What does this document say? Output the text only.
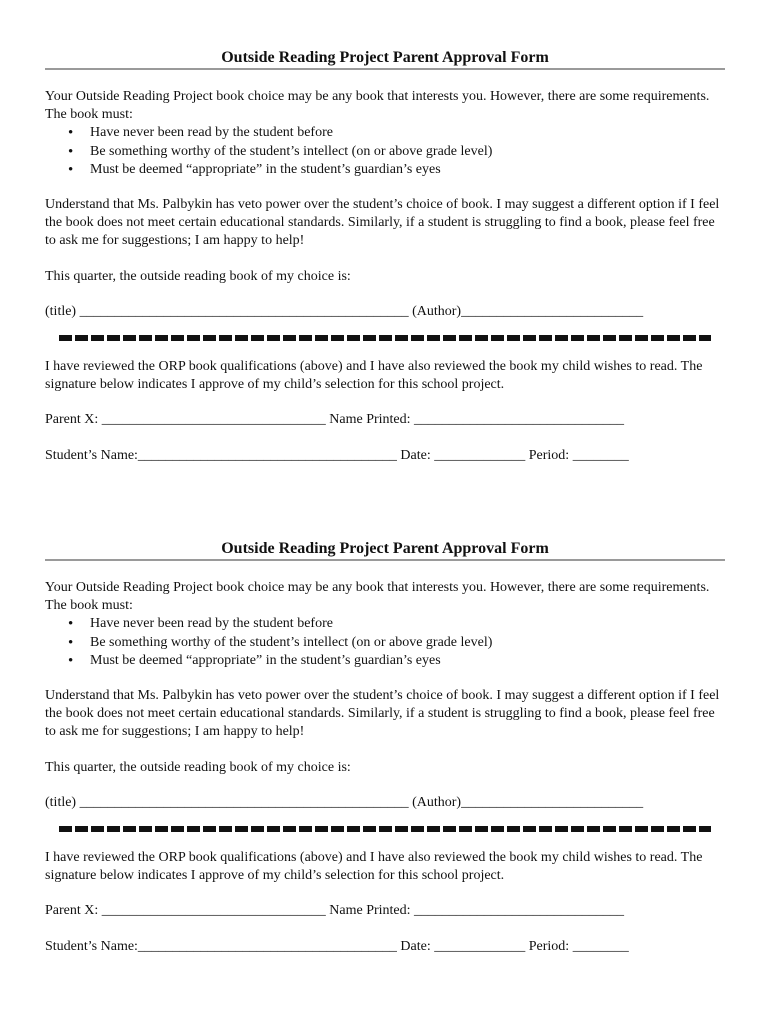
Outside Reading Project Parent Approval Form

Your Outside Reading Project book choice may be any book that interests you. However, there are some requirements. The book must:

• Have never been read by the student before
• Be something worthy of the student’s intellect (on or above grade level)
• Must be deemed “appropriate” in the student’s guardian’s eyes

Understand that Ms. Palbykin has veto power over the student’s choice of book. I may suggest a different option if I feel the book does not meet certain educational standards. Similarly, if a student is struggling to find a book, please feel free to ask me for suggestions; I am happy to help!

This quarter, the outside reading book of my choice is:

(title) _______________________________________________ (Author)__________________________

I have reviewed the ORP book qualifications (above) and I have also reviewed the book my child wishes to read. The signature below indicates I approve of my child’s selection for this school project.

Parent X: ________________________________ Name Printed: ______________________________

Student’s Name:_____________________________________ Date: _____________ Period: ________

Outside Reading Project Parent Approval Form

Your Outside Reading Project book choice may be any book that interests you. However, there are some requirements. The book must:

• Have never been read by the student before
• Be something worthy of the student’s intellect (on or above grade level)
• Must be deemed “appropriate” in the student’s guardian’s eyes

Understand that Ms. Palbykin has veto power over the student’s choice of book. I may suggest a different option if I feel the book does not meet certain educational standards. Similarly, if a student is struggling to find a book, please feel free to ask me for suggestions; I am happy to help!

This quarter, the outside reading book of my choice is:

(title) _______________________________________________ (Author)__________________________

I have reviewed the ORP book qualifications (above) and I have also reviewed the book my child wishes to read. The signature below indicates I approve of my child’s selection for this school project.

Parent X: ________________________________ Name Printed: ______________________________

Student’s Name:_____________________________________ Date: _____________ Period: ________
